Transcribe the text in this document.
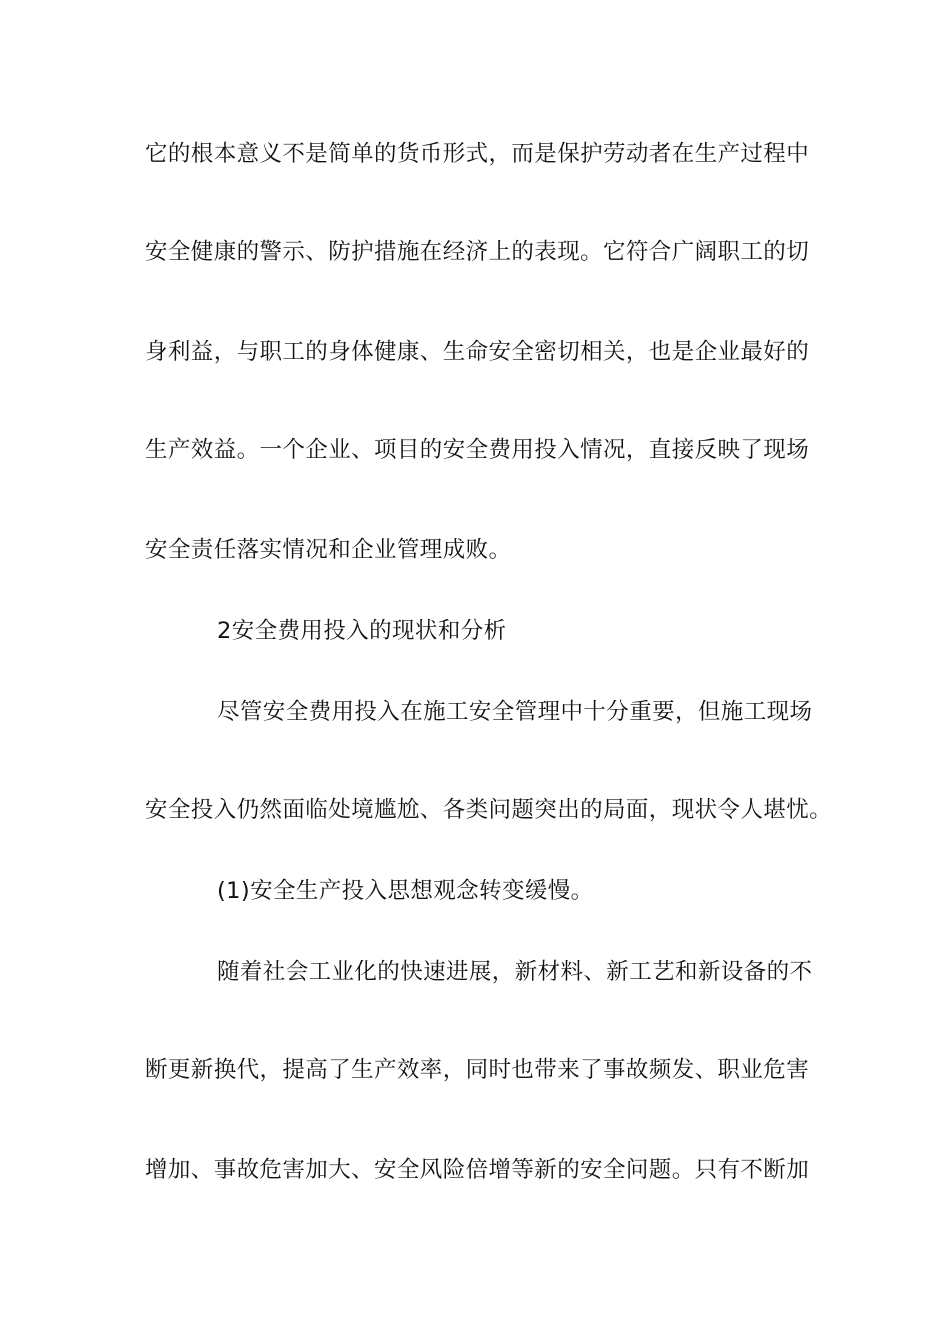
它的根本意义不是简单的货币形式，而是保护劳动者在生产过程中
安全健康的警示、防护措施在经济上的表现。它符合广阔职工的切
身利益，与职工的身体健康、生命安全密切相关，也是企业最好的
生产效益。一个企业、项目的安全费用投入情况，直接反映了现场
安全责任落实情况和企业管理成败。
2安全费用投入的现状和分析
尽管安全费用投入在施工安全管理中十分重要，但施工现场
安全投入仍然面临处境尴尬、各类问题突出的局面，现状令人堪忧。
(1)安全生产投入思想观念转变缓慢。
随着社会工业化的快速进展，新材料、新工艺和新设备的不
断更新换代，提高了生产效率，同时也带来了事故频发、职业危害
增加、事故危害加大、安全风险倍增等新的安全问题。只有不断加
